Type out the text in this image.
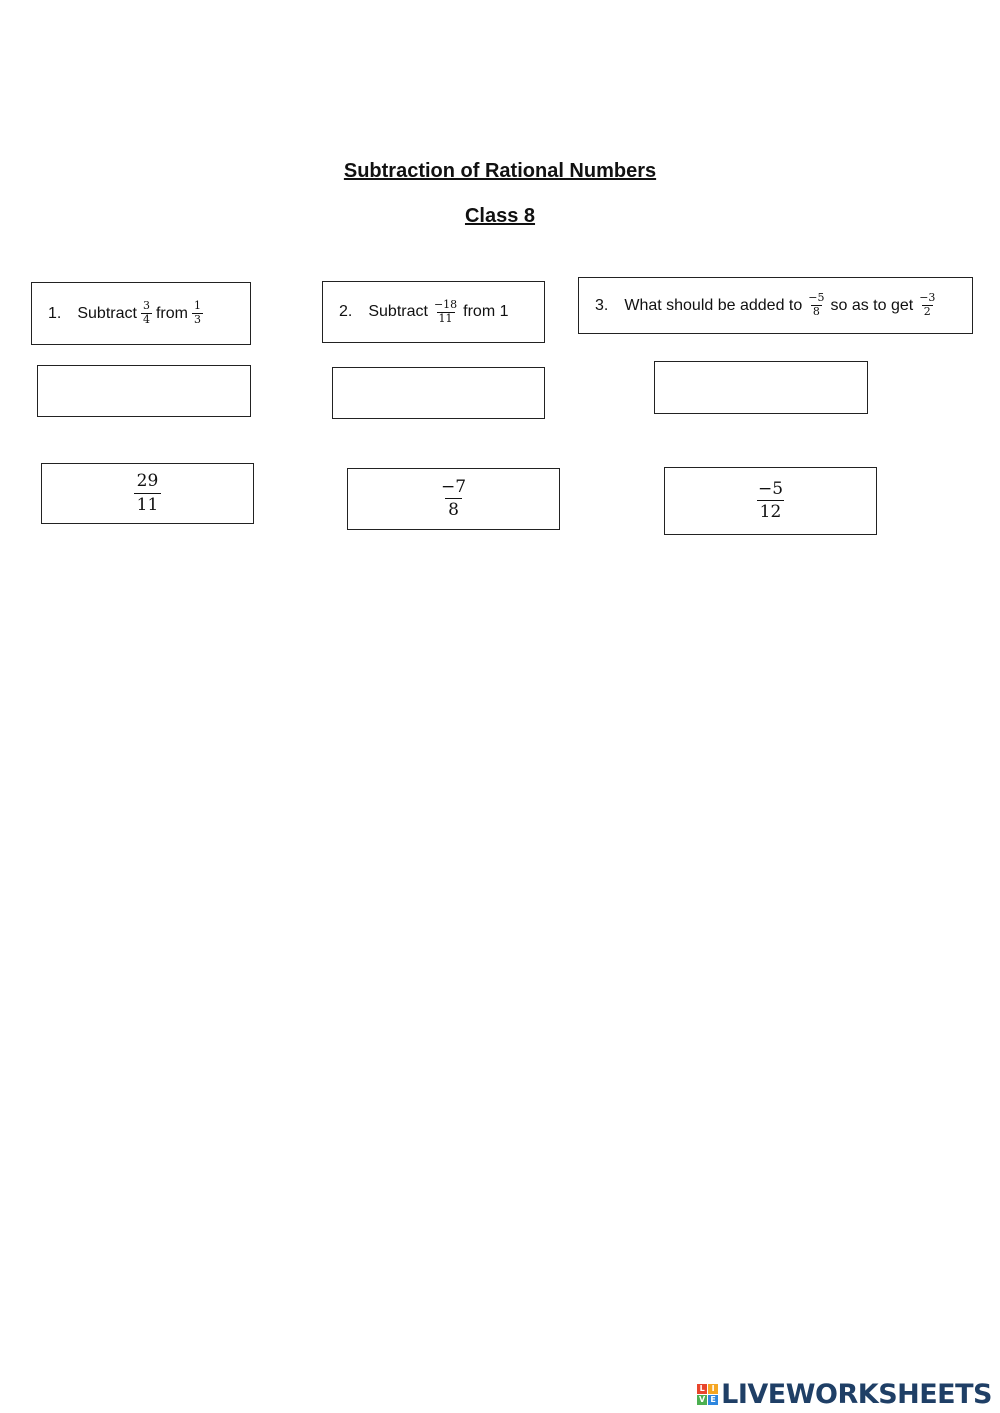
Subtraction of Rational Numbers
Class 8
1. Subtract $\frac{3}{4}$ from $\frac{1}{3}$	2. Subtract $\frac{-18}{11}$ from 1	3. What should be added to $\frac{-5}{8}$ so as to get $\frac{-3}{2}$
$\frac{29}{11}$	$\frac{-7}{8}$	$\frac{-5}{12}$
L I
V E LIVEWORKSHEETS
